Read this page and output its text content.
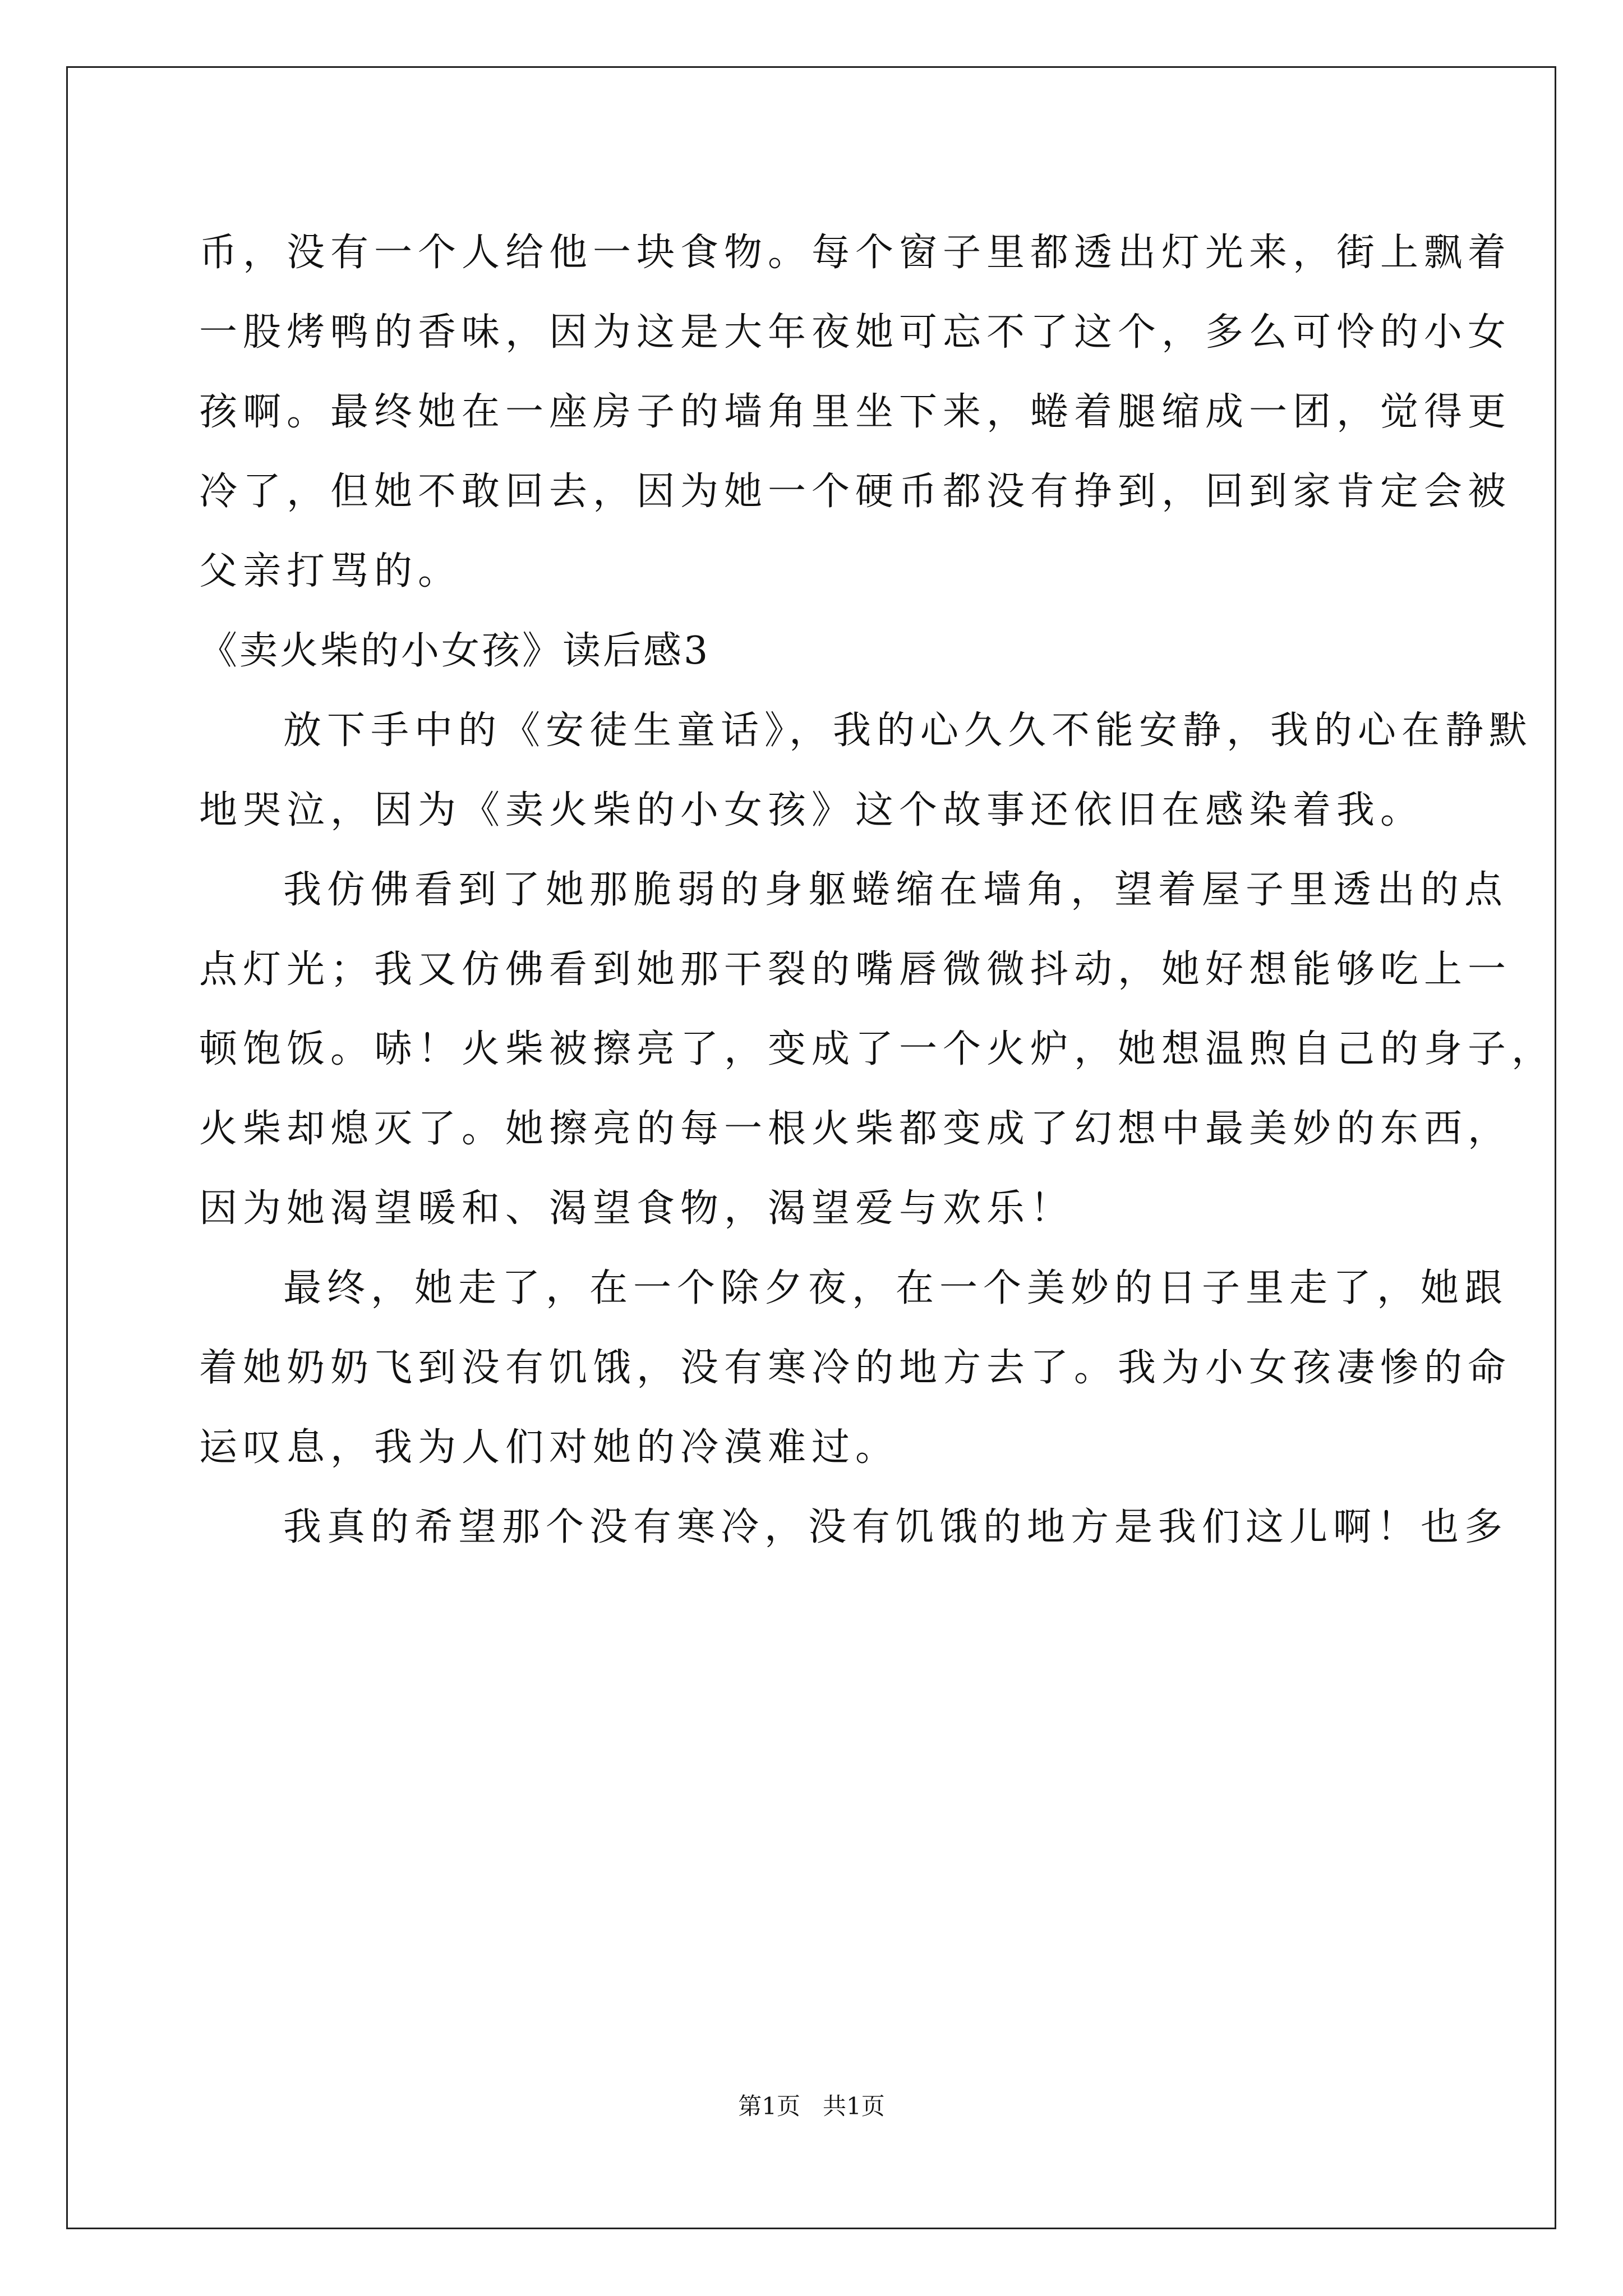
币，没有一个人给他一块食物。每个窗子里都透出灯光来，街上飘着
一股烤鸭的香味，因为这是大年夜她可忘不了这个，多么可怜的小女
孩啊。最终她在一座房子的墙角里坐下来，蜷着腿缩成一团，觉得更
冷了，但她不敢回去，因为她一个硬币都没有挣到，回到家肯定会被
父亲打骂的。
《卖火柴的小女孩》读后感3
放下手中的《安徒生童话》，我的心久久不能安静，我的心在静默
地哭泣，因为《卖火柴的小女孩》这个故事还依旧在感染着我。
我仿佛看到了她那脆弱的身躯蜷缩在墙角，望着屋子里透出的点
点灯光；我又仿佛看到她那干裂的嘴唇微微抖动，她好想能够吃上一
顿饱饭。哧！火柴被擦亮了，变成了一个火炉，她想温煦自己的身子，
火柴却熄灭了。她擦亮的每一根火柴都变成了幻想中最美妙的东西，
因为她渴望暖和、渴望食物，渴望爱与欢乐！
最终，她走了，在一个除夕夜，在一个美妙的日子里走了，她跟
着她奶奶飞到没有饥饿，没有寒冷的地方去了。我为小女孩凄惨的命
运叹息，我为人们对她的冷漠难过。
我真的希望那个没有寒冷，没有饥饿的地方是我们这儿啊！也多
第1页   共1页
